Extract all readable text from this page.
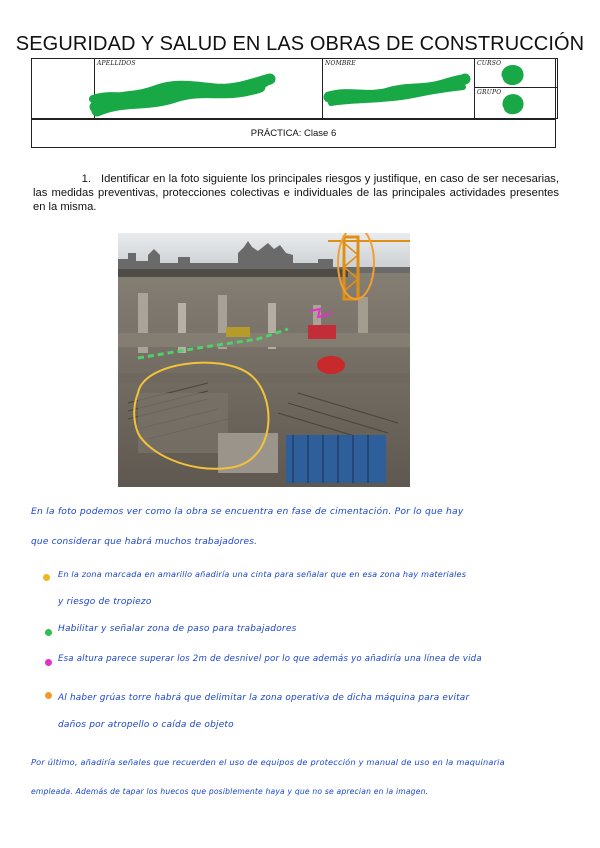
SEGURIDAD Y SALUD EN LAS OBRAS DE CONSTRUCCIÓN
APELLIDOS	NOMBRE	CURSO
GRUPO
PRÁCTICA: Clase 6
1. Identificar en la foto siguiente los principales riesgos y justifique, en caso de ser necesarias, las medidas preventivas, protecciones colectivas e individuales de las principales actividades presentes en la misma.
Iza
En la foto podemos ver como la obra se encuentra en fase de cimentación. Por lo que hay
que considerar que habrá muchos trabajadores.
En la zona marcada en amarillo añadiría una cinta para señalar que en esa zona hay materiales
y riesgo de tropiezo
Habilitar y señalar zona de paso para trabajadores
Esa altura parece superar los 2m de desnivel por lo que además yo añadiría una línea de vida
Al haber grúas torre habrá que delimitar la zona operativa de dicha máquina para evitar
daños por atropello o caída de objeto
Por último, añadiría señales que recuerden el uso de equipos de protección y manual de uso en la maquinaria
empleada. Además de tapar los huecos que posiblemente haya y que no se aprecian en la imagen.
